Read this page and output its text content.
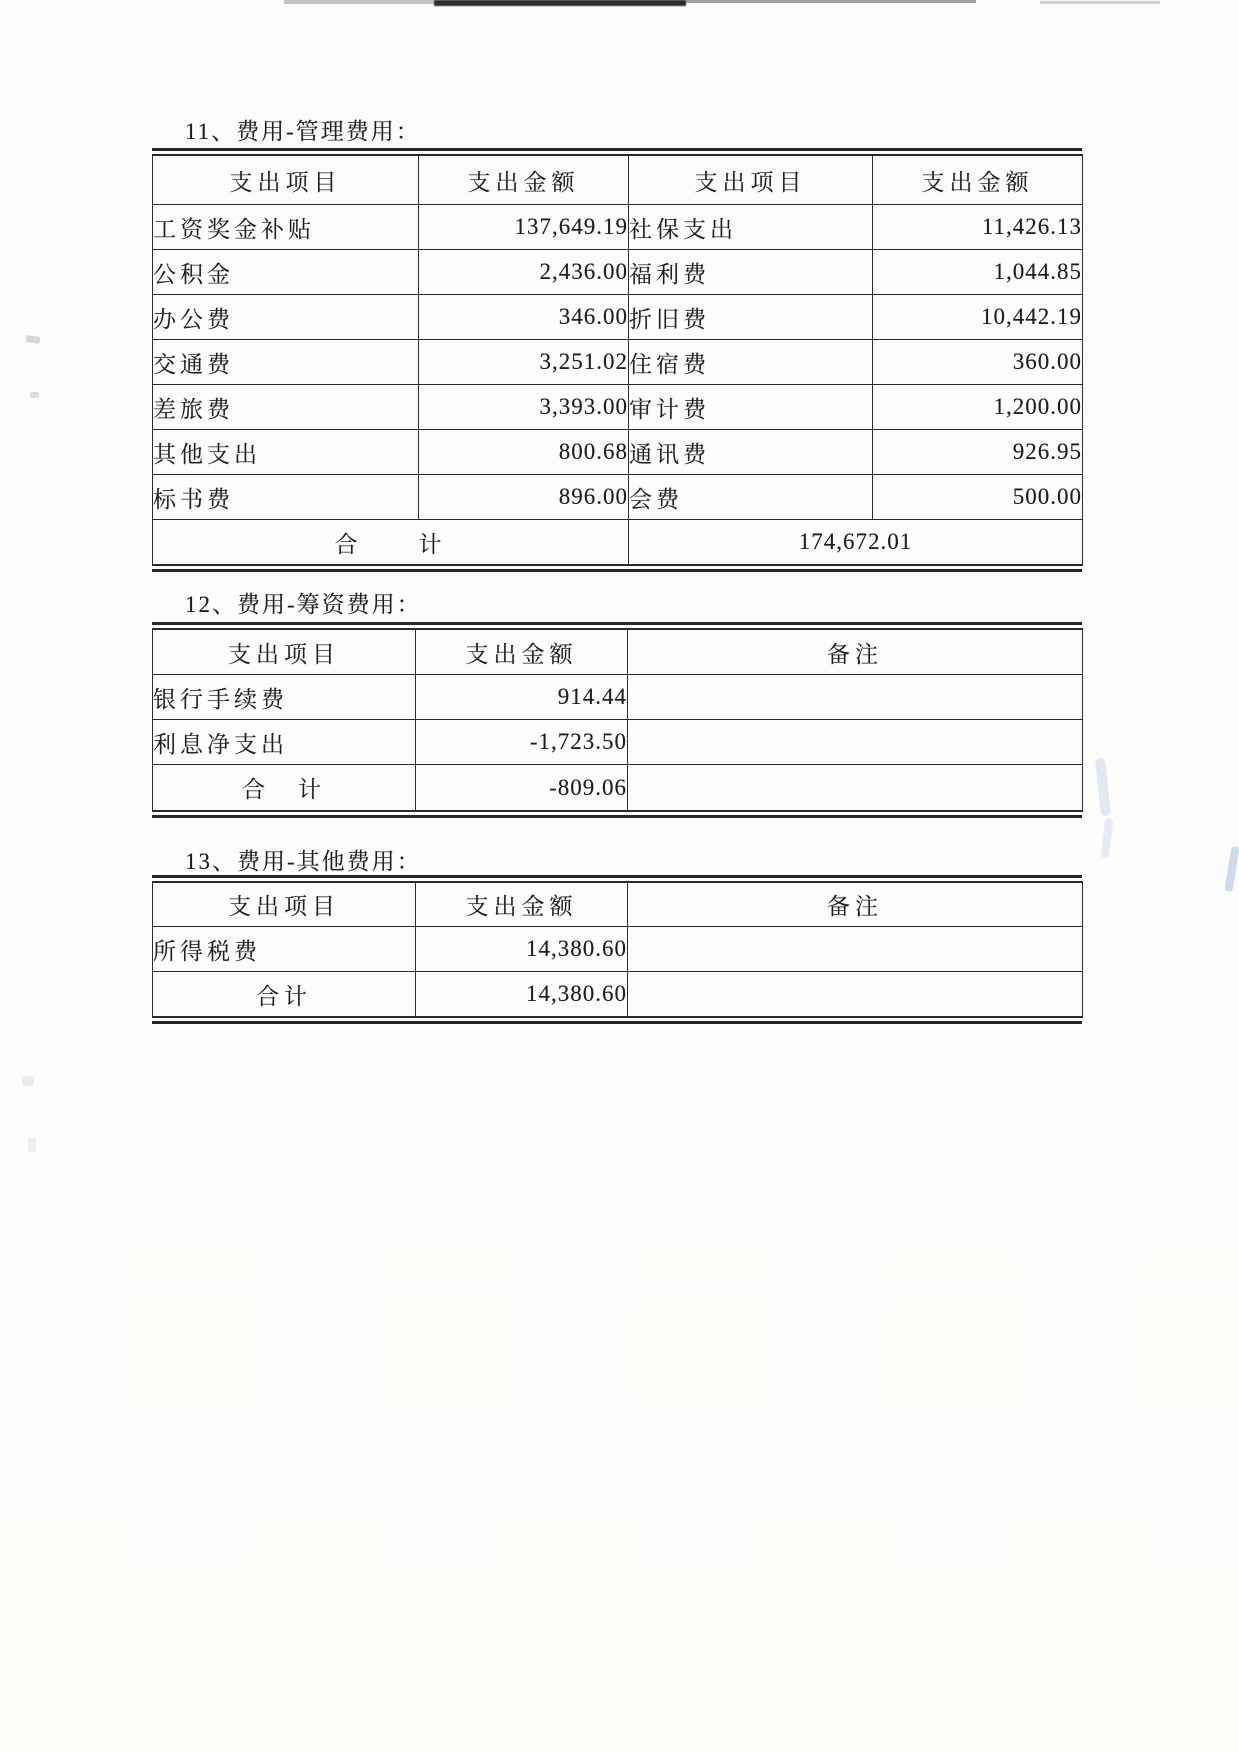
11、费用-管理费用：
支出项目	支出金额	支出项目	支出金额
工资奖金补贴	137,649.19	社保支出	11,426.13
公积金	2,436.00	福利费	1,044.85
办公费	346.00	折旧费	10,442.19
交通费	3,251.02	住宿费	360.00
差旅费	3,393.00	审计费	1,200.00
其他支出	800.68	通讯费	926.95
标书费	896.00	会费	500.00
合　　计		174,672.01	
12、费用-筹资费用：
支出项目	支出金额	备注
银行手续费	914.44	
利息净支出	-1,723.50	
合　计	-809.06	
13、费用-其他费用：
支出项目	支出金额	备注
所得税费	14,380.60	
合计	14,380.60	
